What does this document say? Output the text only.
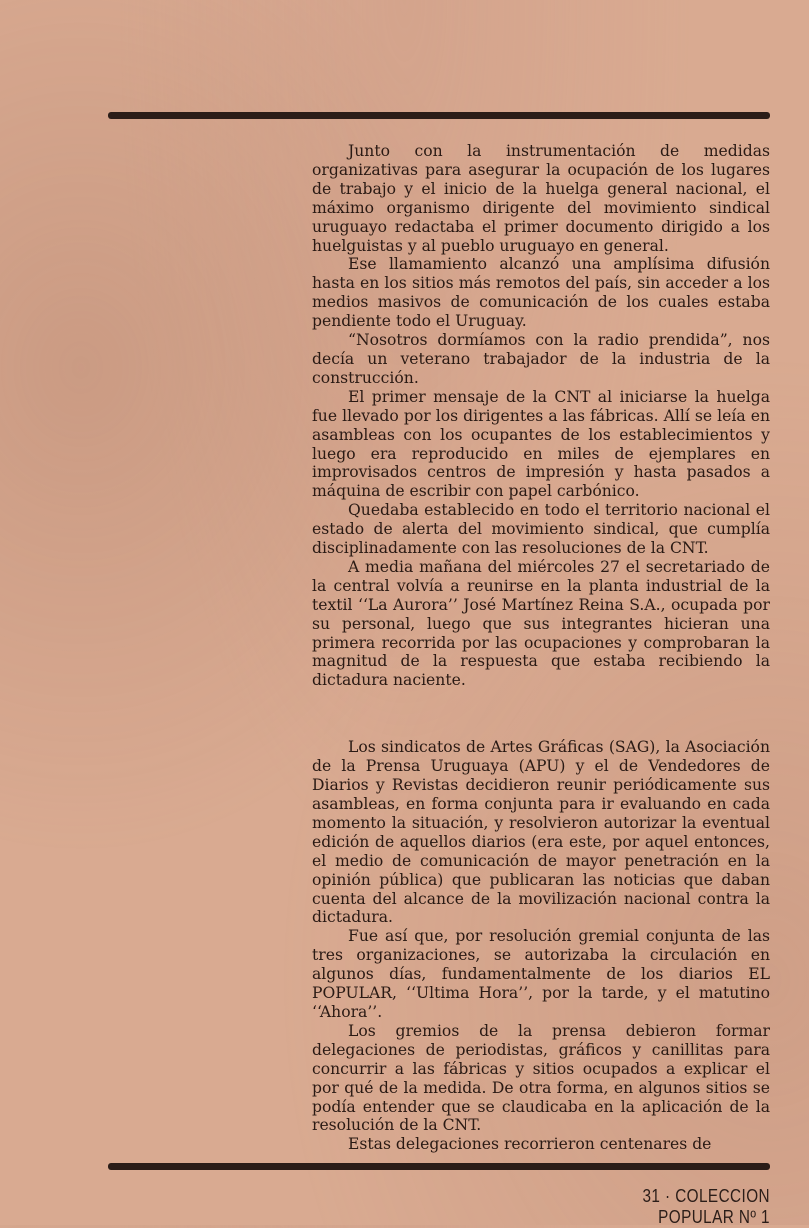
Junto con la instrumentación de medidas organizativas para asegurar la ocupación de los lugares de trabajo y el inicio de la huelga general nacional, el máximo organismo dirigente del movimiento sindical uruguayo redactaba el primer documento dirigido a los huelguistas y al pueblo uruguayo en general.

Ese llamamiento alcanzó una amplísima difusión hasta en los sitios más remotos del país, sin acceder a los medios masivos de comunicación de los cuales estaba pendiente todo el Uruguay.

“Nosotros dormíamos con la radio prendida”, nos decía un veterano trabajador de la industria de la construcción.

El primer mensaje de la CNT al iniciarse la huelga fue llevado por los dirigentes a las fábricas. Allí se leía en asambleas con los ocupantes de los establecimientos y luego era reproducido en miles de ejemplares en improvisados centros de impresión y hasta pasados a máquina de escribir con papel carbónico.

Quedaba establecido en todo el territorio nacional el estado de alerta del movimiento sindical, que cumplía disciplinadamente con las resoluciones de la CNT.

A media mañana del miércoles 27 el secretariado de la central volvía a reunirse en la planta industrial de la textil ‘‘La Aurora’’ José Martínez Reina S.A., ocupada por su personal, luego que sus integrantes hicieran una primera recorrida por las ocupaciones y comprobaran la magnitud de la respuesta que estaba recibiendo la dictadura naciente.

Los sindicatos de Artes Gráficas (SAG), la Asociación de la Prensa Uruguaya (APU) y el de Vendedores de Diarios y Revistas decidieron reunir periódicamente sus asambleas, en forma conjunta para ir evaluando en cada momento la situación, y resolvieron autorizar la eventual edición de aquellos diarios (era este, por aquel entonces, el medio de comunicación de mayor penetración en la opinión pública) que publicaran las noticias que daban cuenta del alcance de la movilización nacional contra la dictadura.

Fue así que, por resolución gremial conjunta de las tres organizaciones, se autorizaba la circulación en algunos días, fundamentalmente de los diarios EL POPULAR, ‘‘Ultima Hora’’, por la tarde, y el matutino ‘‘Ahora’’.

Los gremios de la prensa debieron formar delegaciones de periodistas, gráficos y canillitas para concurrir a las fábricas y sitios ocupados a explicar el por qué de la medida. De otra forma, en algunos sitios se podía entender que se claudicaba en la aplicación de la resolución de la CNT.

Estas delegaciones recorrieron centenares de

31 · COLECCION POPULAR Nº 1
